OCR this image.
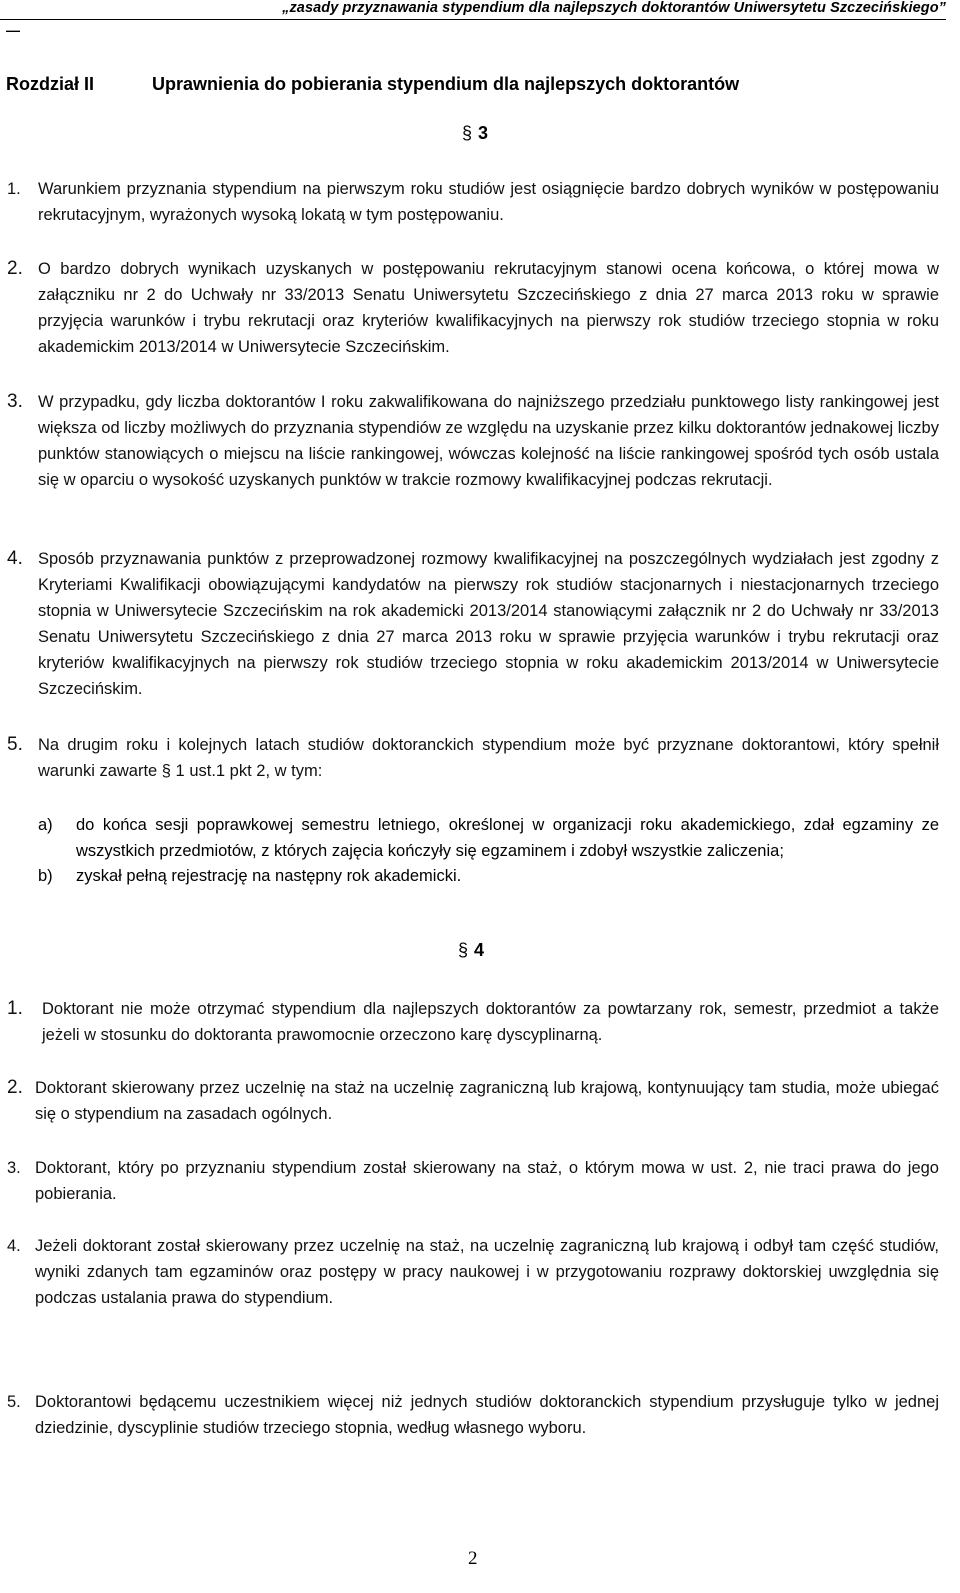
„zasady przyznawania stypendium dla najlepszych doktorantów Uniwersytetu Szczecińskiego”
—
Rozdział II	Uprawnienia do pobierania stypendium dla najlepszych doktorantów
§ 3
1.	Warunkiem przyznania stypendium na pierwszym roku studiów jest osiągnięcie bardzo dobrych wyników w postępowaniu rekrutacyjnym, wyrażonych wysoką lokatą w tym postępowaniu.
2. O bardzo dobrych wynikach uzyskanych w postępowaniu rekrutacyjnym stanowi ocena końcowa, o której mowa w załączniku nr 2 do Uchwały nr 33/2013 Senatu Uniwersytetu Szczecińskiego z dnia 27 marca 2013 roku w sprawie przyjęcia warunków i trybu rekrutacji oraz kryteriów kwalifikacyjnych na pierwszy rok studiów trzeciego stopnia w roku akademickim 2013/2014 w Uniwersytecie Szczecińskim.
3. W przypadku, gdy liczba doktorantów I roku zakwalifikowana do najniższego przedziału punktowego listy rankingowej jest większa od liczby możliwych do przyznania stypendiów ze względu na uzyskanie przez kilku doktorantów jednakowej liczby punktów stanowiących o miejscu na liście rankingowej, wówczas kolejność na liście rankingowej spośród tych osób ustala się w oparciu o wysokość uzyskanych punktów w trakcie rozmowy kwalifikacyjnej podczas rekrutacji.
4. Sposób przyznawania punktów z przeprowadzonej rozmowy kwalifikacyjnej na poszczególnych wydziałach jest zgodny z Kryteriami Kwalifikacji obowiązującymi kandydatów na pierwszy rok studiów stacjonarnych i niestacjonarnych trzeciego stopnia w Uniwersytecie Szczecińskim na rok akademicki 2013/2014 stanowiącymi załącznik nr 2 do Uchwały nr 33/2013 Senatu Uniwersytetu Szczecińskiego z dnia 27 marca 2013 roku w sprawie przyjęcia warunków i trybu rekrutacji oraz kryteriów kwalifikacyjnych na pierwszy rok studiów trzeciego stopnia w roku akademickim 2013/2014 w Uniwersytecie Szczecińskim.
5. Na drugim roku i kolejnych latach studiów doktoranckich stypendium może być przyznane doktorantowi, który spełnił warunki zawarte § 1 ust.1 pkt 2, w tym:
a)	do końca sesji poprawkowej semestru letniego, określonej w organizacji roku akademickiego, zdał egzaminy ze wszystkich przedmiotów, z których zajęcia kończyły się egzaminem i zdobył wszystkie zaliczenia;
b)	zyskał pełną rejestrację na następny rok akademicki.
§ 4
1.	Doktorant nie może otrzymać stypendium dla najlepszych doktorantów za powtarzany rok, semestr, przedmiot a także jeżeli w stosunku do doktoranta prawomocnie orzeczono karę dyscyplinarną.
2. Doktorant skierowany przez uczelnię na staż na uczelnię zagraniczną lub krajową, kontynuujący tam studia, może ubiegać się o stypendium na zasadach ogólnych.
3. Doktorant, który po przyznaniu stypendium został skierowany na staż, o którym mowa w ust. 2, nie traci prawa do jego pobierania.
4. Jeżeli doktorant został skierowany przez uczelnię na staż, na uczelnię zagraniczną lub krajową i odbył tam część studiów, wyniki zdanych tam egzaminów oraz postępy w pracy naukowej i w przygotowaniu rozprawy doktorskiej uwzględnia się podczas ustalania prawa do stypendium.
5. Doktorantowi będącemu uczestnikiem więcej niż jednych studiów doktoranckich stypendium przysługuje tylko w jednej dziedzinie, dyscyplinie studiów trzeciego stopnia, według własnego wyboru.
2
